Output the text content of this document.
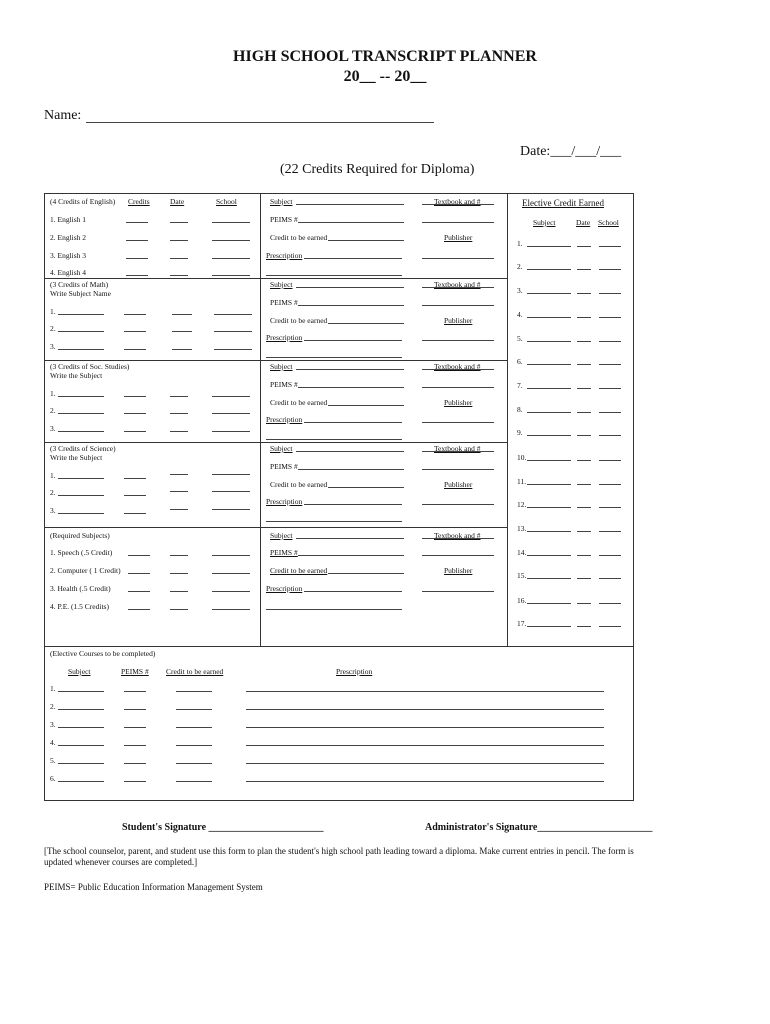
HIGH SCHOOL TRANSCRIPT PLANNER
20__ -- 20__
Name:
Date:___/___/___
(22 Credits Required for Diploma)
(4 Credits of English) Credits	Date	School
1. English 1
2. English 2
3. English 3
4. English 4
(3 Credits of Math)
Write Subject Name
1.
2.
3.
(3 Credits of Soc. Studies)
Write the Subject
1.
2.
3.
(3 Credits of Science)
Write the Subject
1.
2.
3.
(Required Subjects)
1. Speech (.5 Credit)
2. Computer ( 1 Credit)
3. Health (.5 Credit)
4. P.E. (1.5 Credits)
Subject	Textbook and #
PEIMS #
Credit to be earned	Publisher
Prescription
Subject	Textbook and #
PEIMS #
Credit to be earned	Publisher
Prescription
Subject	Textbook and #
PEIMS #
Credit to be earned	Publisher
Prescription
Subject	Textbook and #
PEIMS #
Credit to be earned	Publisher
Prescription
Subject	Textbook and #
PEIMS #
Credit to be earned	Publisher
Prescription
Elective Credit Earned
Subject	Date School
1.
2.
3.
4.
5.
6.
7.
8.
9.
10.
11.
12.
13.
14.
15.
16.
17.
(Elective Courses to be completed)
Subject	PEIMS # Credit to be earned	Prescription
1.
2.
3.
4.
5.
6.
Student's Signature _______________________	Administrator's Signature_______________________
[The school counselor, parent, and student use this form to plan the student's high school path leading toward a diploma. Make current entries in pencil. The form is
updated whenever courses are completed.]
PEIMS= Public Education Information Management System
